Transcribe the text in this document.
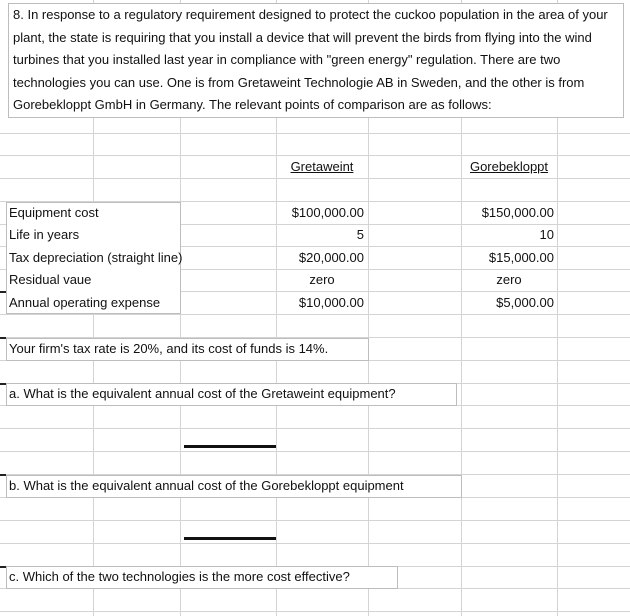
8. In response to a regulatory requirement designed to protect the cuckoo population in the area of your plant, the state is requiring that you install a device that will prevent the birds from flying into the wind turbines that you installed last year in compliance with "green energy" regulation. There are two technologies you can use. One is from Gretaweint Technologie AB in Sweden, and the other is from Gorebekloppt GmbH in Germany. The relevant points of comparison are as follows:
Gretaweint	Gorebekloppt
Equipment cost	$100,000.00	$150,000.00
Life in years	5	10
Tax depreciation (straight line)	$20,000.00	$15,000.00
Residual vaue	zero	zero
Annual operating expense	$10,000.00	$5,000.00
Your firm's tax rate is 20%, and its cost of funds is 14%.
a. What is the equivalent annual cost of the Gretaweint equipment?
b. What is the equivalent annual cost of the Gorebekloppt equipment
c. Which of the two technologies is the more cost effective?
